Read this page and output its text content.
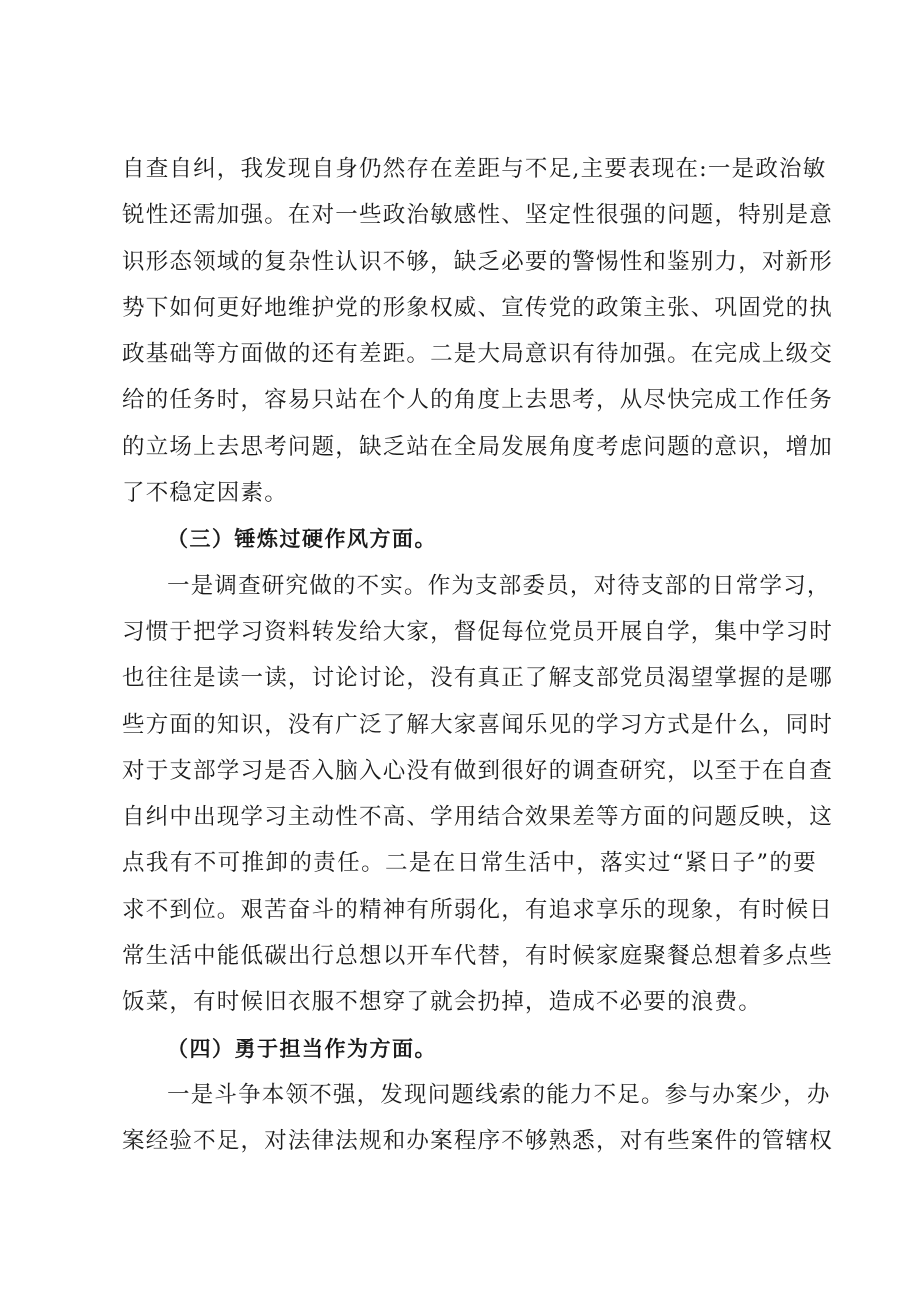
自查自纠，我发现自身仍然存在差距与不足,主要表现在:一是政治敏
锐性还需加强。在对一些政治敏感性、坚定性很强的问题，特别是意
识形态领域的复杂性认识不够，缺乏必要的警惕性和鉴别力，对新形
势下如何更好地维护党的形象权威、宣传党的政策主张、巩固党的执
政基础等方面做的还有差距。二是大局意识有待加强。在完成上级交
给的任务时，容易只站在个人的角度上去思考，从尽快完成工作任务
的立场上去思考问题，缺乏站在全局发展角度考虑问题的意识，增加
了不稳定因素。
（三）锤炼过硬作风方面。
一是调查研究做的不实。作为支部委员，对待支部的日常学习，
习惯于把学习资料转发给大家，督促每位党员开展自学，集中学习时
也往往是读一读，讨论讨论，没有真正了解支部党员渴望掌握的是哪
些方面的知识，没有广泛了解大家喜闻乐见的学习方式是什么，同时
对于支部学习是否入脑入心没有做到很好的调查研究，以至于在自查
自纠中出现学习主动性不高、学用结合效果差等方面的问题反映，这
点我有不可推卸的责任。二是在日常生活中，落实过“紧日子”的要
求不到位。艰苦奋斗的精神有所弱化，有追求享乐的现象，有时候日
常生活中能低碳出行总想以开车代替，有时候家庭聚餐总想着多点些
饭菜，有时候旧衣服不想穿了就会扔掉，造成不必要的浪费。
（四）勇于担当作为方面。
一是斗争本领不强，发现问题线索的能力不足。参与办案少，办
案经验不足，对法律法规和办案程序不够熟悉，对有些案件的管辖权
